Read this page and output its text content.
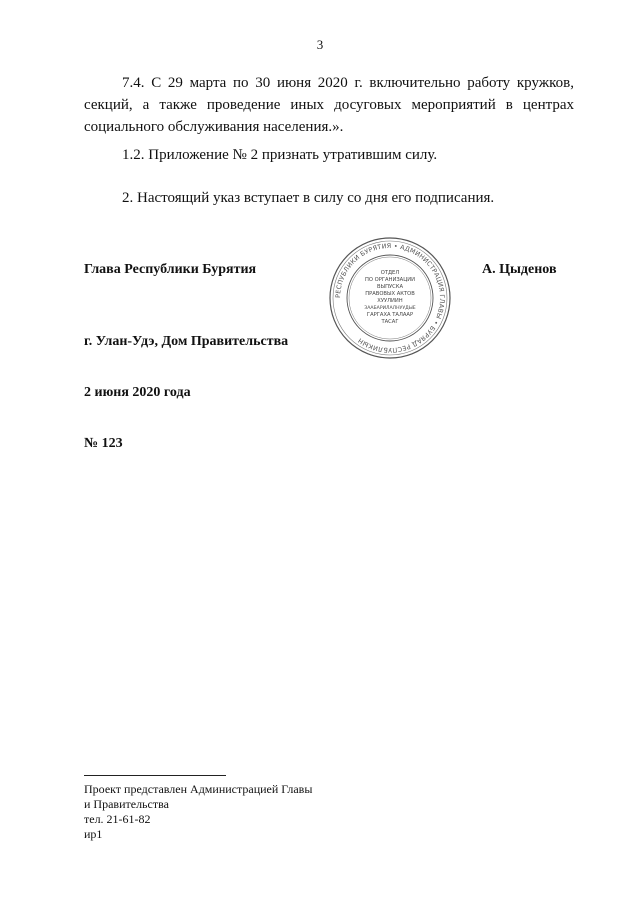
3

7.4. С 29 марта по 30 июня 2020 г. включительно работу кружков, секций, а также проведение иных досуговых мероприятий в центрах социального обслуживания населения.».

1.2. Приложение № 2 признать утратившим силу.

2. Настоящий указ вступает в силу со дня его подписания.

Глава Республики Бурятия	А. Цыденов

РЕСПУБЛИКИ БУРЯТИЯ • АДМИНИСТРАЦИЯ ГЛАВЫ • БУРЯАД РЕСПУБЛИКЫН
ОТДЕЛ
ПО ОРГАНИЗАЦИИ
ВЫПУСКА
ПРАВОВЫХ АКТОВ
ХУУЛИИН
ЗААБАРИЛАЛНУУДЫЕ
ГАРГАХА ТАЛААР
ТАСАГ

г. Улан-Удэ, Дом Правительства

2 июня 2020 года

№ 123

Проект представлен Администрацией Главы
и Правительства
тел. 21-61-82
ир1
